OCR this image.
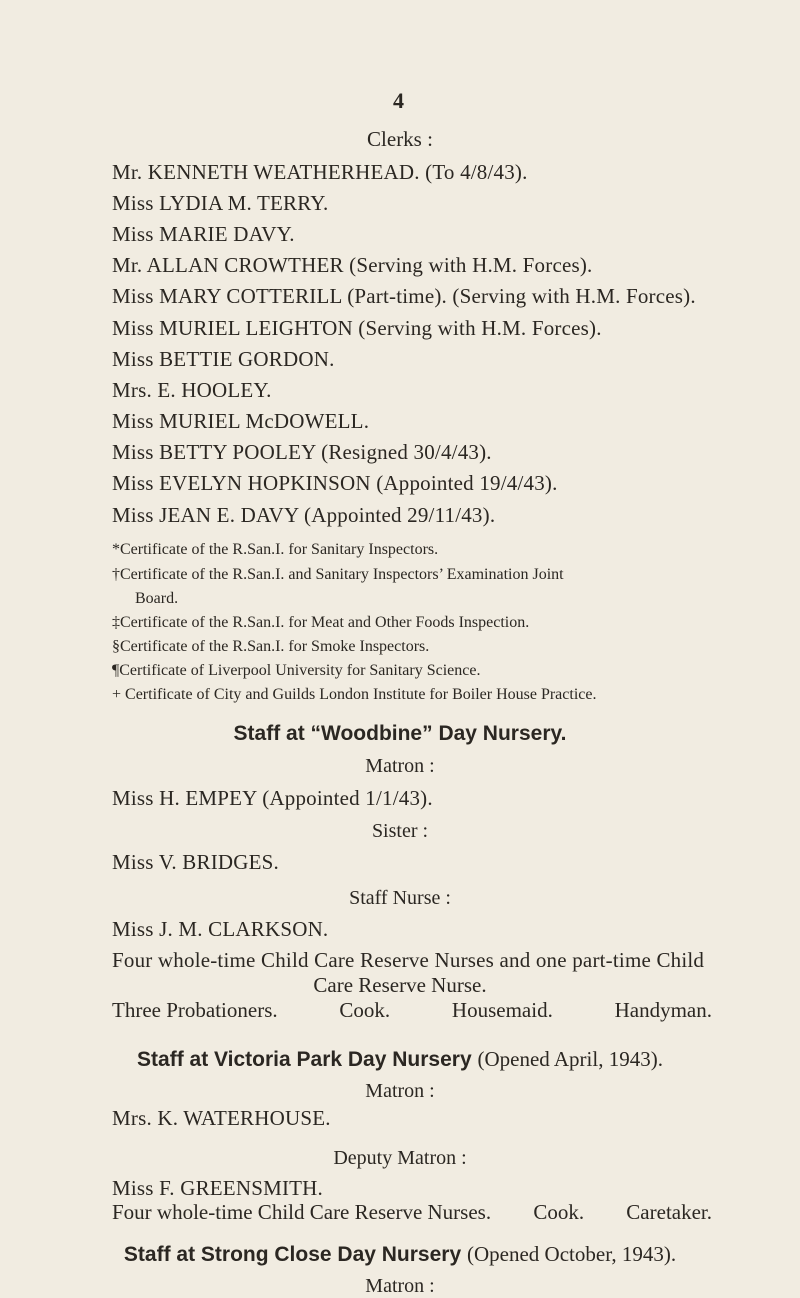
4
Clerks :
Mr. KENNETH WEATHERHEAD. (To 4/8/43).
Miss LYDIA M. TERRY.
Miss MARIE DAVY.
Mr. ALLAN CROWTHER (Serving with H.M. Forces).
Miss MARY COTTERILL (Part-time). (Serving with H.M. Forces).
Miss MURIEL LEIGHTON (Serving with H.M. Forces).
Miss BETTIE GORDON.
Mrs. E. HOOLEY.
Miss MURIEL McDOWELL.
Miss BETTY POOLEY (Resigned 30/4/43).
Miss EVELYN HOPKINSON (Appointed 19/4/43).
Miss JEAN E. DAVY (Appointed 29/11/43).
*Certificate of the R.San.I. for Sanitary Inspectors.
†Certificate of the R.San.I. and Sanitary Inspectors’ Examination Joint
Board.
‡Certificate of the R.San.I. for Meat and Other Foods Inspection.
§Certificate of the R.San.I. for Smoke Inspectors.
¶Certificate of Liverpool University for Sanitary Science.
+ Certificate of City and Guilds London Institute for Boiler House Practice.
Staff at “Woodbine” Day Nursery.
Matron :
Miss H. EMPEY (Appointed 1/1/43).
Sister :
Miss V. BRIDGES.
Staff Nurse :
Miss J. M. CLARKSON.
Four whole-time Child Care Reserve Nurses and one part-time Child
Care Reserve Nurse.
Three Probationers.	Cook.	Housemaid.	Handyman.
Staff at Victoria Park Day Nursery (Opened April, 1943).
Matron :
Mrs. K. WATERHOUSE.
Deputy Matron :
Miss F. GREENSMITH.
Four whole-time Child Care Reserve Nurses. Cook. Caretaker.
Staff at Strong Close Day Nursery (Opened October, 1943).
Matron :
